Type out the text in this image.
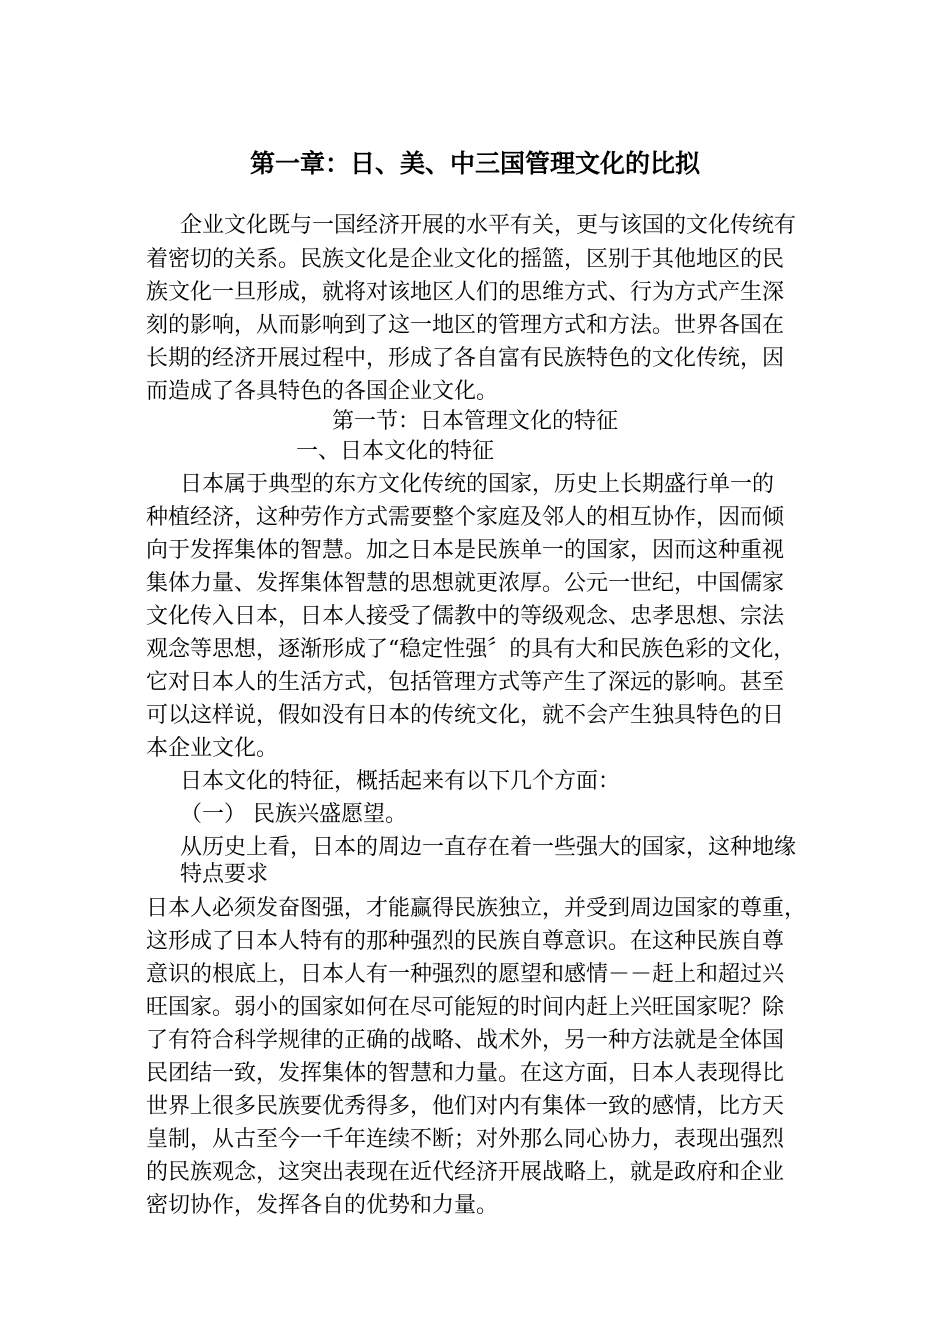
第一章：日、美、中三国管理文化的比拟
企业文化既与一国经济开展的水平有关，更与该国的文化传统有
着密切的关系。民族文化是企业文化的摇篮，区别于其他地区的民
族文化一旦形成，就将对该地区人们的思维方式、行为方式产生深
刻的影响，从而影响到了这一地区的管理方式和方法。世界各国在
长期的经济开展过程中，形成了各自富有民族特色的文化传统，因
而造成了各具特色的各国企业文化。
第一节：日本管理文化的特征
一、日本文化的特征
日本属于典型的东方文化传统的国家，历史上长期盛行单一的
种植经济，这种劳作方式需要整个家庭及邻人的相互协作，因而倾
向于发挥集体的智慧。加之日本是民族单一的国家，因而这种重视
集体力量、发挥集体智慧的思想就更浓厚。公元一世纪，中国儒家
文化传入日本，日本人接受了儒教中的等级观念、忠孝思想、宗法
观念等思想，逐渐形成了“稳定性强〞的具有大和民族色彩的文化，
它对日本人的生活方式，包括管理方式等产生了深远的影响。甚至
可以这样说，假如没有日本的传统文化，就不会产生独具特色的日
本企业文化。
日本文化的特征，概括起来有以下几个方面：
（一） 民族兴盛愿望。
从历史上看，日本的周边一直存在着一些强大的国家，这种地缘
特点要求
日本人必须发奋图强，才能赢得民族独立，并受到周边国家的尊重，
这形成了日本人特有的那种强烈的民族自尊意识。在这种民族自尊
意识的根底上，日本人有一种强烈的愿望和感情－－赶上和超过兴
旺国家。弱小的国家如何在尽可能短的时间内赶上兴旺国家呢？除
了有符合科学规律的正确的战略、战术外，另一种方法就是全体国
民团结一致，发挥集体的智慧和力量。在这方面，日本人表现得比
世界上很多民族要优秀得多，他们对内有集体一致的感情，比方天
皇制，从古至今一千年连续不断；对外那么同心协力，表现出强烈
的民族观念，这突出表现在近代经济开展战略上，就是政府和企业
密切协作，发挥各自的优势和力量。
